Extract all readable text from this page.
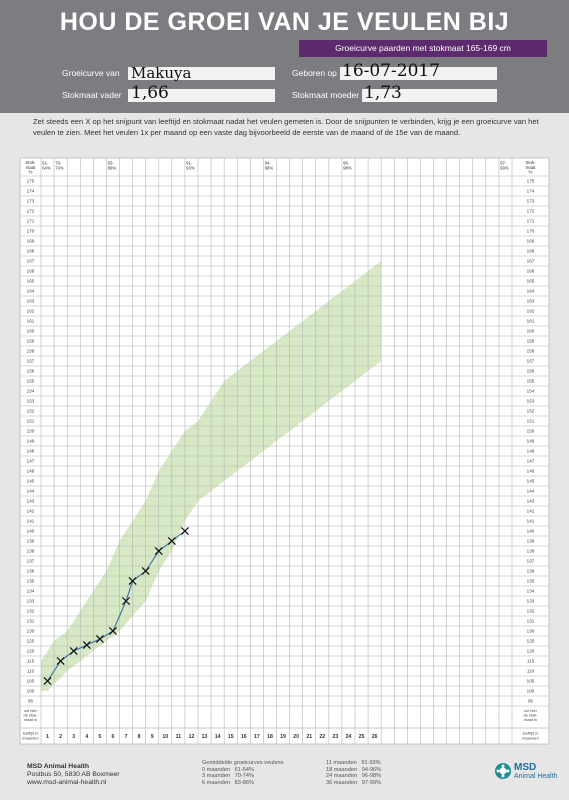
HOU DE GROEI VAN JE VEULEN BIJ
Groeicurve paarden met stokmaat 165-169 cm
Groeicurve van Makuya	Geboren op 16-07-2017
Stokmaat vader 1,66	Stokmaat moeder 1,73
Zet steeds een X op het snijpunt van leeftijd en stokmaat nadat het veulen gemeten is. Door de snijpunten te verbinden, krijg je een groeicurve van het veulen te zien. Meet het veulen 1x per maand op een vaste dag bijvoorbeeld de eerste van de maand of de 15e van de maand.
Stok-maat %
Stok-maat %
61-64%
70-74%
83-86%
91-93%
94-96%
96-98%
97-99%
175	175
174	174
173	173
172	172
171	171
170	170
169	169
168	168
167	167
166	166
165	165
164	164
163	163
162	162
161	161
160	160
159	159
158	158
157	157
156	156
155	155
154	154
153	153
152	152
151	151
150	150
149	149
148	148
147	147
146	146
145	145
144	144
143	143
142	142
141	141
140	140
139	139
138	138
137	137
136	136
135	135
134	134
133	133
132	132
131	131
130	130
125	125
120	120
115	115
110	110
105	105
100	100
95	95
vul hier de stok-maat in
vul hier de stok-maat in
leeftijd in maanden
leeftijd in maanden
1 2 3 4 5 6 7 8 9 10 11 12 13 14 15 16 17 18 19 20 21 22 23 24 25 26
MSD Animal Health
Postbus 50, 5830 AB Boxmeer
www.msd-animal-health.nl
Gemiddelde groeicurves veulens
0 maanden 61-64%
3 maanden 70-74%
6 maanden 83-86%
11 maanden 91-93%
18 maanden 94-96%
24 maanden 96-98%
36 maanden 97-99%
MSD
Animal Health
